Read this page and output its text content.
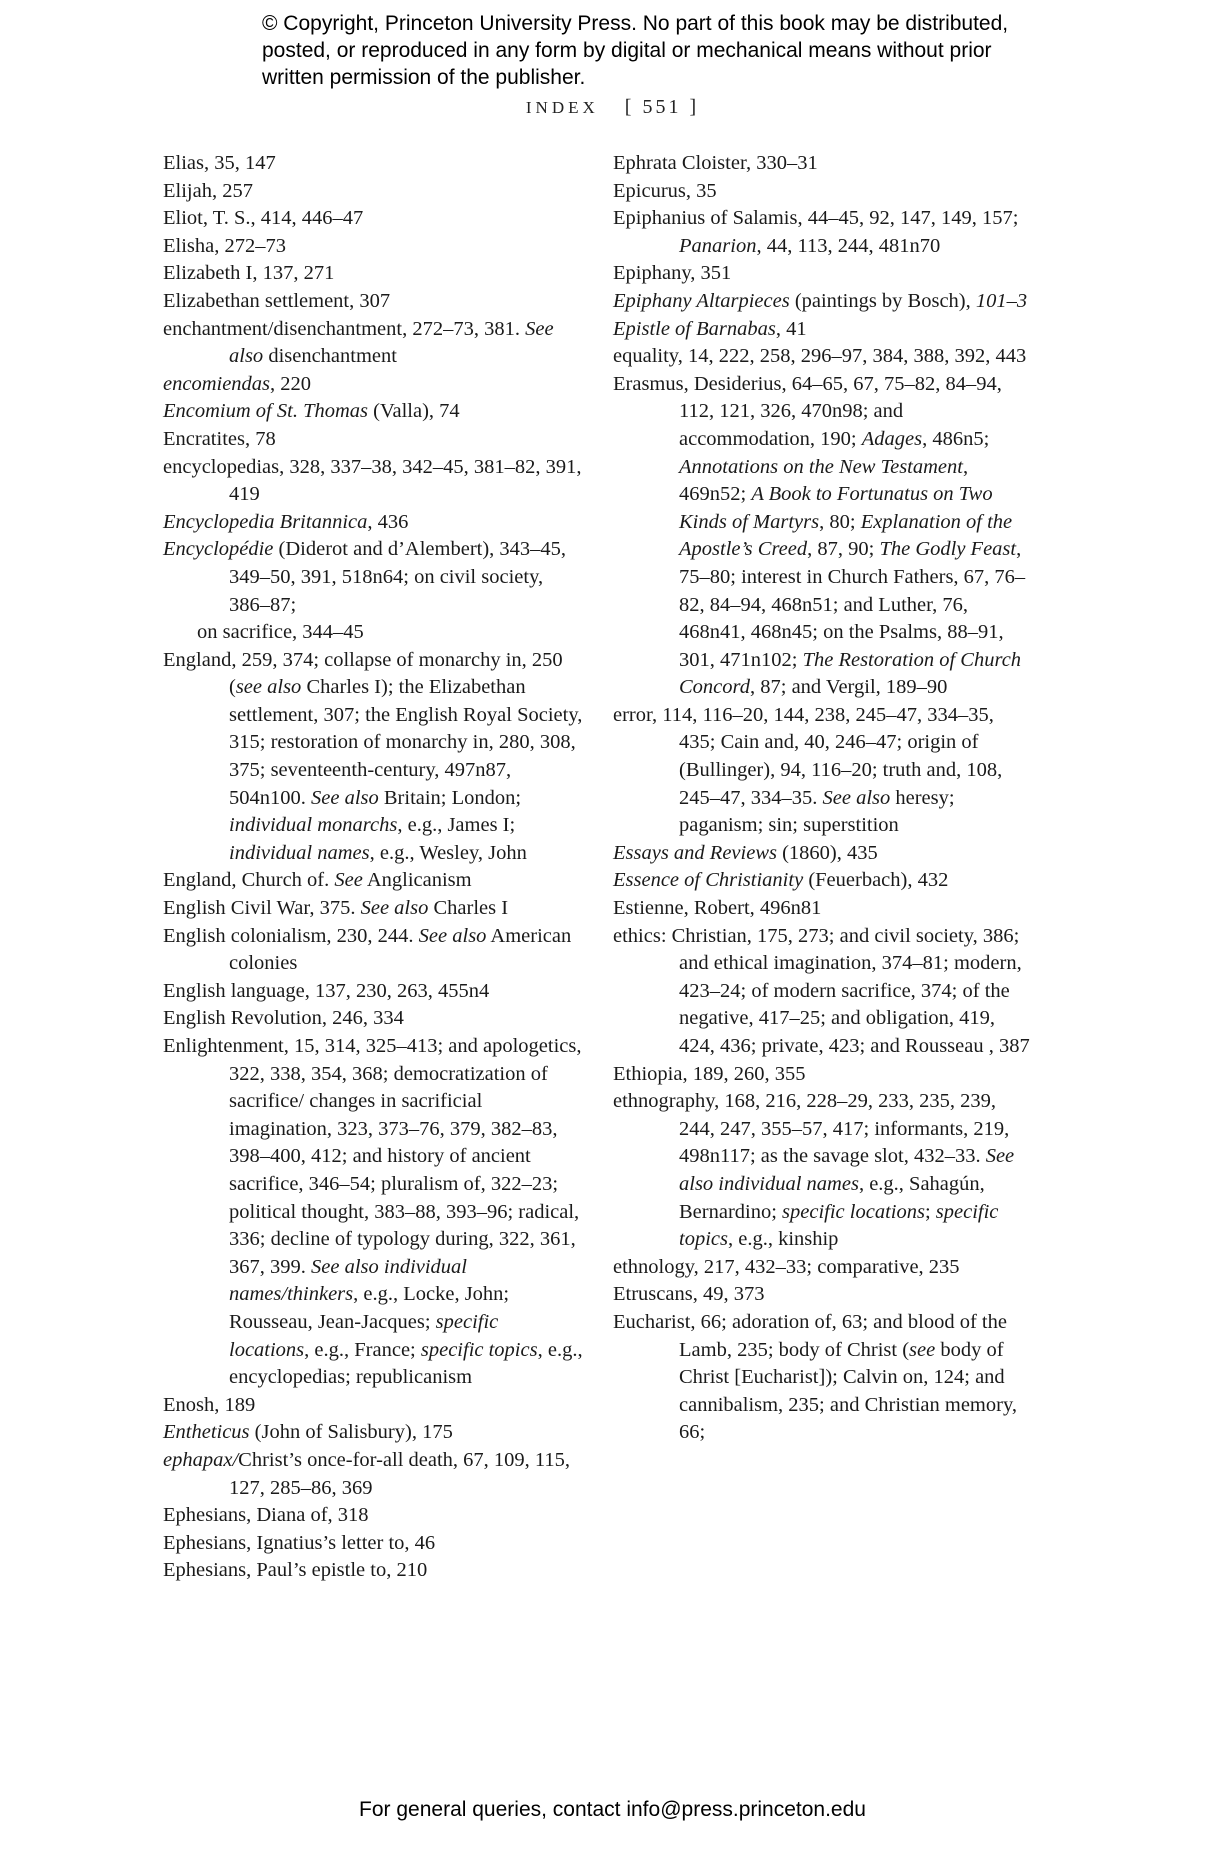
© Copyright, Princeton University Press. No part of this book may be distributed, posted, or reproduced in any form by digital or mechanical means without prior written permission of the publisher.
INDEX [ 551 ]
Elias, 35, 147
Elijah, 257
Eliot, T. S., 414, 446–47
Elisha, 272–73
Elizabeth I, 137, 271
Elizabethan settlement, 307
enchantment/disenchantment, 272–73, 381. See also disenchantment
encomiendas, 220
Encomium of St. Thomas (Valla), 74
Encratites, 78
encyclopedias, 328, 337–38, 342–45, 381–82, 391, 419
Encyclopedia Britannica, 436
Encyclopédie (Diderot and d’Alembert), 343–45, 349–50, 391, 518n64; on civil society, 386–87;
on sacrifice, 344–45
England, 259, 374; collapse of monarchy in, 250 (see also Charles I); the Elizabethan settlement, 307; the English Royal Society, 315; restoration of monarchy in, 280, 308, 375; seventeenth-century, 497n87, 504n100. See also Britain; London; individual monarchs, e.g., James I; individual names, e.g., Wesley, John
England, Church of. See Anglicanism
English Civil War, 375. See also Charles I
English colonialism, 230, 244. See also American colonies
English language, 137, 230, 263, 455n4
English Revolution, 246, 334
Enlightenment, 15, 314, 325–413; and apologetics, 322, 338, 354, 368; democratization of sacrifice/ changes in sacrificial imagination, 323, 373–76, 379, 382–83, 398–400, 412; and history of ancient sacrifice, 346–54; pluralism of, 322–23; political thought, 383–88, 393–96; radical, 336; decline of typology during, 322, 361, 367, 399. See also individual names/thinkers, e.g., Locke, John; Rousseau, Jean-Jacques; specific locations, e.g., France; specific topics, e.g., encyclopedias; republicanism
Enosh, 189
Entheticus (John of Salisbury), 175
ephapax/Christ’s once-for-all death, 67, 109, 115, 127, 285–86, 369
Ephesians, Diana of, 318
Ephesians, Ignatius’s letter to, 46
Ephesians, Paul’s epistle to, 210
Ephrata Cloister, 330–31
Epicurus, 35
Epiphanius of Salamis, 44–45, 92, 147, 149, 157; Panarion, 44, 113, 244, 481n70
Epiphany, 351
Epiphany Altarpieces (paintings by Bosch), 101–3
Epistle of Barnabas, 41
equality, 14, 222, 258, 296–97, 384, 388, 392, 443
Erasmus, Desiderius, 64–65, 67, 75–82, 84–94, 112, 121, 326, 470n98; and accommodation, 190; Adages, 486n5; Annotations on the New Testament, 469n52; A Book to Fortunatus on Two Kinds of Martyrs, 80; Explanation of the Apostle’s Creed, 87, 90; The Godly Feast, 75–80; interest in Church Fathers, 67, 76–82, 84–94, 468n51; and Luther, 76, 468n41, 468n45; on the Psalms, 88–91, 301, 471n102; The Restoration of Church Concord, 87; and Vergil, 189–90
error, 114, 116–20, 144, 238, 245–47, 334–35, 435; Cain and, 40, 246–47; origin of (Bullinger), 94, 116–20; truth and, 108, 245–47, 334–35. See also heresy; paganism; sin; superstition
Essays and Reviews (1860), 435
Essence of Christianity (Feuerbach), 432
Estienne, Robert, 496n81
ethics: Christian, 175, 273; and civil society, 386; and ethical imagination, 374–81; modern, 423–24; of modern sacrifice, 374; of the negative, 417–25; and obligation, 419, 424, 436; private, 423; and Rousseau , 387
Ethiopia, 189, 260, 355
ethnography, 168, 216, 228–29, 233, 235, 239, 244, 247, 355–57, 417; informants, 219, 498n117; as the savage slot, 432–33. See also individual names, e.g., Sahagún, Bernardino; specific locations; specific topics, e.g., kinship
ethnology, 217, 432–33; comparative, 235
Etruscans, 49, 373
Eucharist, 66; adoration of, 63; and blood of the Lamb, 235; body of Christ (see body of Christ [Eucharist]); Calvin on, 124; and cannibalism, 235; and Christian memory, 66;
For general queries, contact info@press.princeton.edu
